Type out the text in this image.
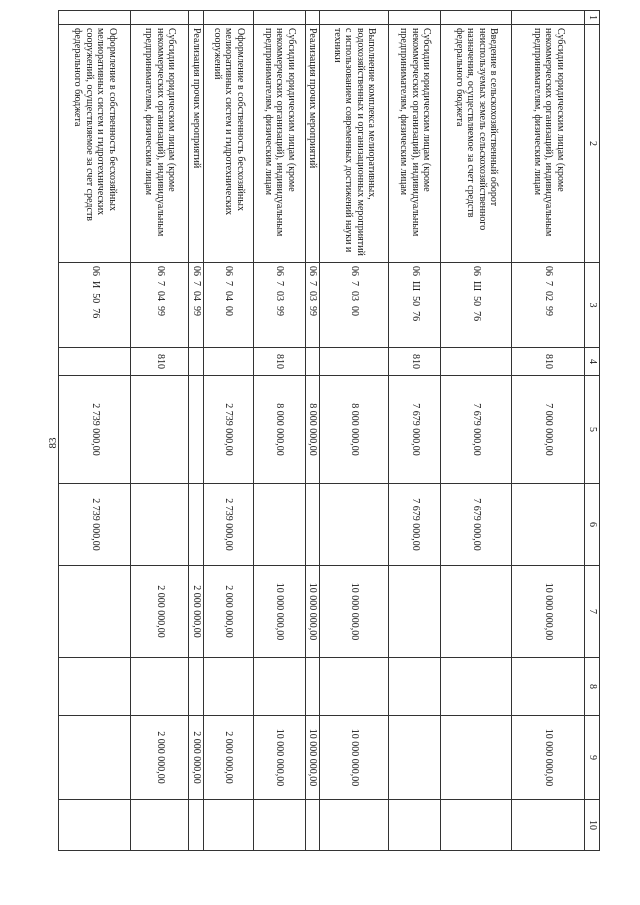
83
1	2	3	4	5	6	7	8	9	10
	Субсидии юридическим лицам (кроме некоммерческих организаций), индивидуальным предпринимателям, физическим лицам	06  7  02  99	810	7 000 000,00		10 000 000,00		10 000 000,00	
	Введение в сельскохозяйственный оборот неиспользуемых земель сельскохозяйственного назначения, осуществляемое за счет средств федерального бюджета	06  Ш  50  76		7 679 000,00	7 679 000,00				
	Субсидии юридическим лицам (кроме некоммерческих организаций), индивидуальным предпринимателям, физическим лицам	06  Ш  50  76	810	7 679 000,00	7 679 000,00				
	Выполнение комплекса мелиоративных, водохозяйственных и организационных мероприятий с использованием современных достижений науки и техники	06  7  03  00		8 000 000,00		10 000 000,00		10 000 000,00	
	Реализация прочих мероприятий	06  7  03  99		8 000 000,00		10 000 000,00		10 000 000,00	
	Субсидии юридическим лицам (кроме некоммерческих организаций), индивидуальным предпринимателям, физическим лицам	06  7  03  99	810	8 000 000,00		10 000 000,00		10 000 000,00	
	Оформление в собственность бесхозяйных мелиоративных систем и гидротехнических сооружений	06  7  04  00		2 739 000,00	2 739 000,00	2 000 000,00		2 000 000,00	
	Реализация прочих мероприятий	06  7  04  99				2 000 000,00		2 000 000,00	
	Субсидии юридическим лицам (кроме некоммерческих организаций), индивидуальным предпринимателям, физическим лицам	06  7  04  99	810			2 000 000,00		2 000 000,00	
	Оформление в собственность бесхозяйных мелиоративных систем и гидротехнических сооружений, осуществляемое за счет средств федерального бюджета	06  И  50  76		2 739 000,00	2 739 000,00				
